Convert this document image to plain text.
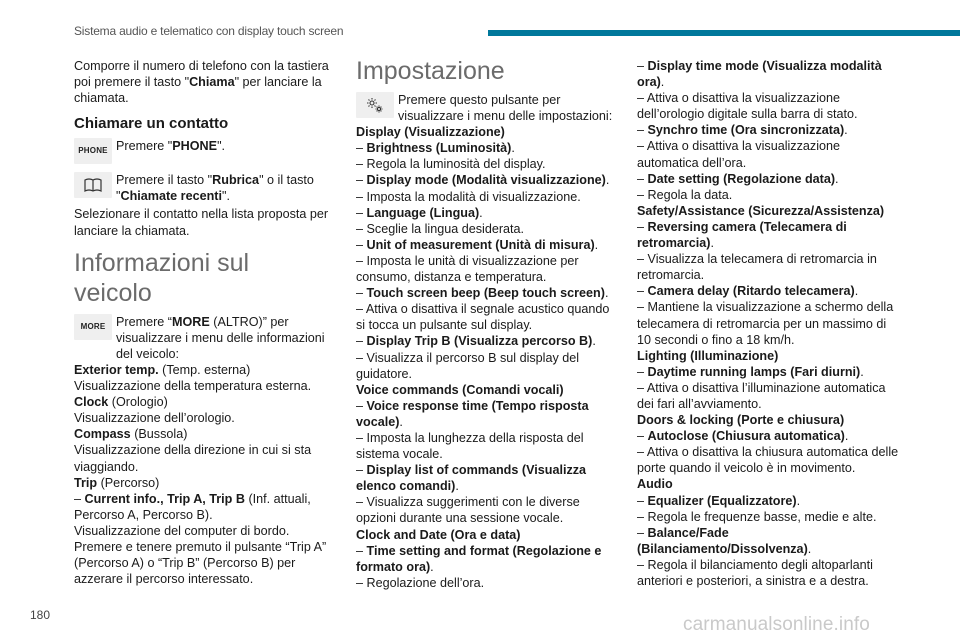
Sistema audio e telematico con display touch screen

Comporre il numero di telefono con la tastiera poi premere il tasto "Chiama" per lanciare la chiamata.

Chiamare un contatto
PHONE Premere "PHONE".
Premere il tasto "Rubrica" o il tasto "Chiamate recenti".

Selezionare il contatto nella lista proposta per lanciare la chiamata.

Informazioni sul veicolo
MORE Premere “MORE (ALTRO)” per visualizzare i menu delle informazioni del veicolo:

Exterior temp. (Temp. esterna)

Visualizzazione della temperatura esterna.

Clock (Orologio)

Visualizzazione dell’orologio.

Compass (Bussola)

Visualizzazione della direzione in cui si sta viaggiando.

Trip (Percorso)

– Current info., Trip A, Trip B (Inf. attuali, Percorso A, Percorso B).

Visualizzazione del computer di bordo.

Premere e tenere premuto il pulsante “Trip A” (Percorso A) o “Trip B” (Percorso B) per azzerare il percorso interessato.

Impostazione
Premere questo pulsante per visualizzare i menu delle impostazioni:

Display (Visualizzazione)

– Brightness (Luminosità).

– Regola la luminosità del display.

– Display mode (Modalità visualizzazione).

– Imposta la modalità di visualizzazione.

– Language (Lingua).

– Sceglie la lingua desiderata.

– Unit of measurement (Unità di misura).

– Imposta le unità di visualizzazione per consumo, distanza e temperatura.

– Touch screen beep (Beep touch screen).

– Attiva o disattiva il segnale acustico quando si tocca un pulsante sul display.

– Display Trip B (Visualizza percorso B).

– Visualizza il percorso B sul display del guidatore.

Voice commands (Comandi vocali)

– Voice response time (Tempo risposta vocale).

– Imposta la lunghezza della risposta del sistema vocale.

– Display list of commands (Visualizza elenco comandi).

– Visualizza suggerimenti con le diverse opzioni durante una sessione vocale.

Clock and Date (Ora e data)

– Time setting and format (Regolazione e formato ora).

– Regolazione dell’ora.

– Display time mode (Visualizza modalità ora).

– Attiva o disattiva la visualizzazione dell’orologio digitale sulla barra di stato.

– Synchro time (Ora sincronizzata).

– Attiva o disattiva la visualizzazione automatica dell’ora.

– Date setting (Regolazione data).

– Regola la data.

Safety/Assistance (Sicurezza/Assistenza)

– Reversing camera (Telecamera di retromarcia).

– Visualizza la telecamera di retromarcia in retromarcia.

– Camera delay (Ritardo telecamera).

– Mantiene la visualizzazione a schermo della telecamera di retromarcia per un massimo di 10 secondi o fino a 18 km/h.

Lighting (Illuminazione)

– Daytime running lamps (Fari diurni).

– Attiva o disattiva l’illuminazione automatica dei fari all’avviamento.

Doors & locking (Porte e chiusura)

– Autoclose (Chiusura automatica).

– Attiva o disattiva la chiusura automatica delle porte quando il veicolo è in movimento.

Audio

– Equalizer (Equalizzatore).

– Regola le frequenze basse, medie e alte.

– Balance/Fade (Bilanciamento/Dissolvenza).

– Regola il bilanciamento degli altoparlanti anteriori e posteriori, a sinistra e a destra.

180	carmanualsonline.info
